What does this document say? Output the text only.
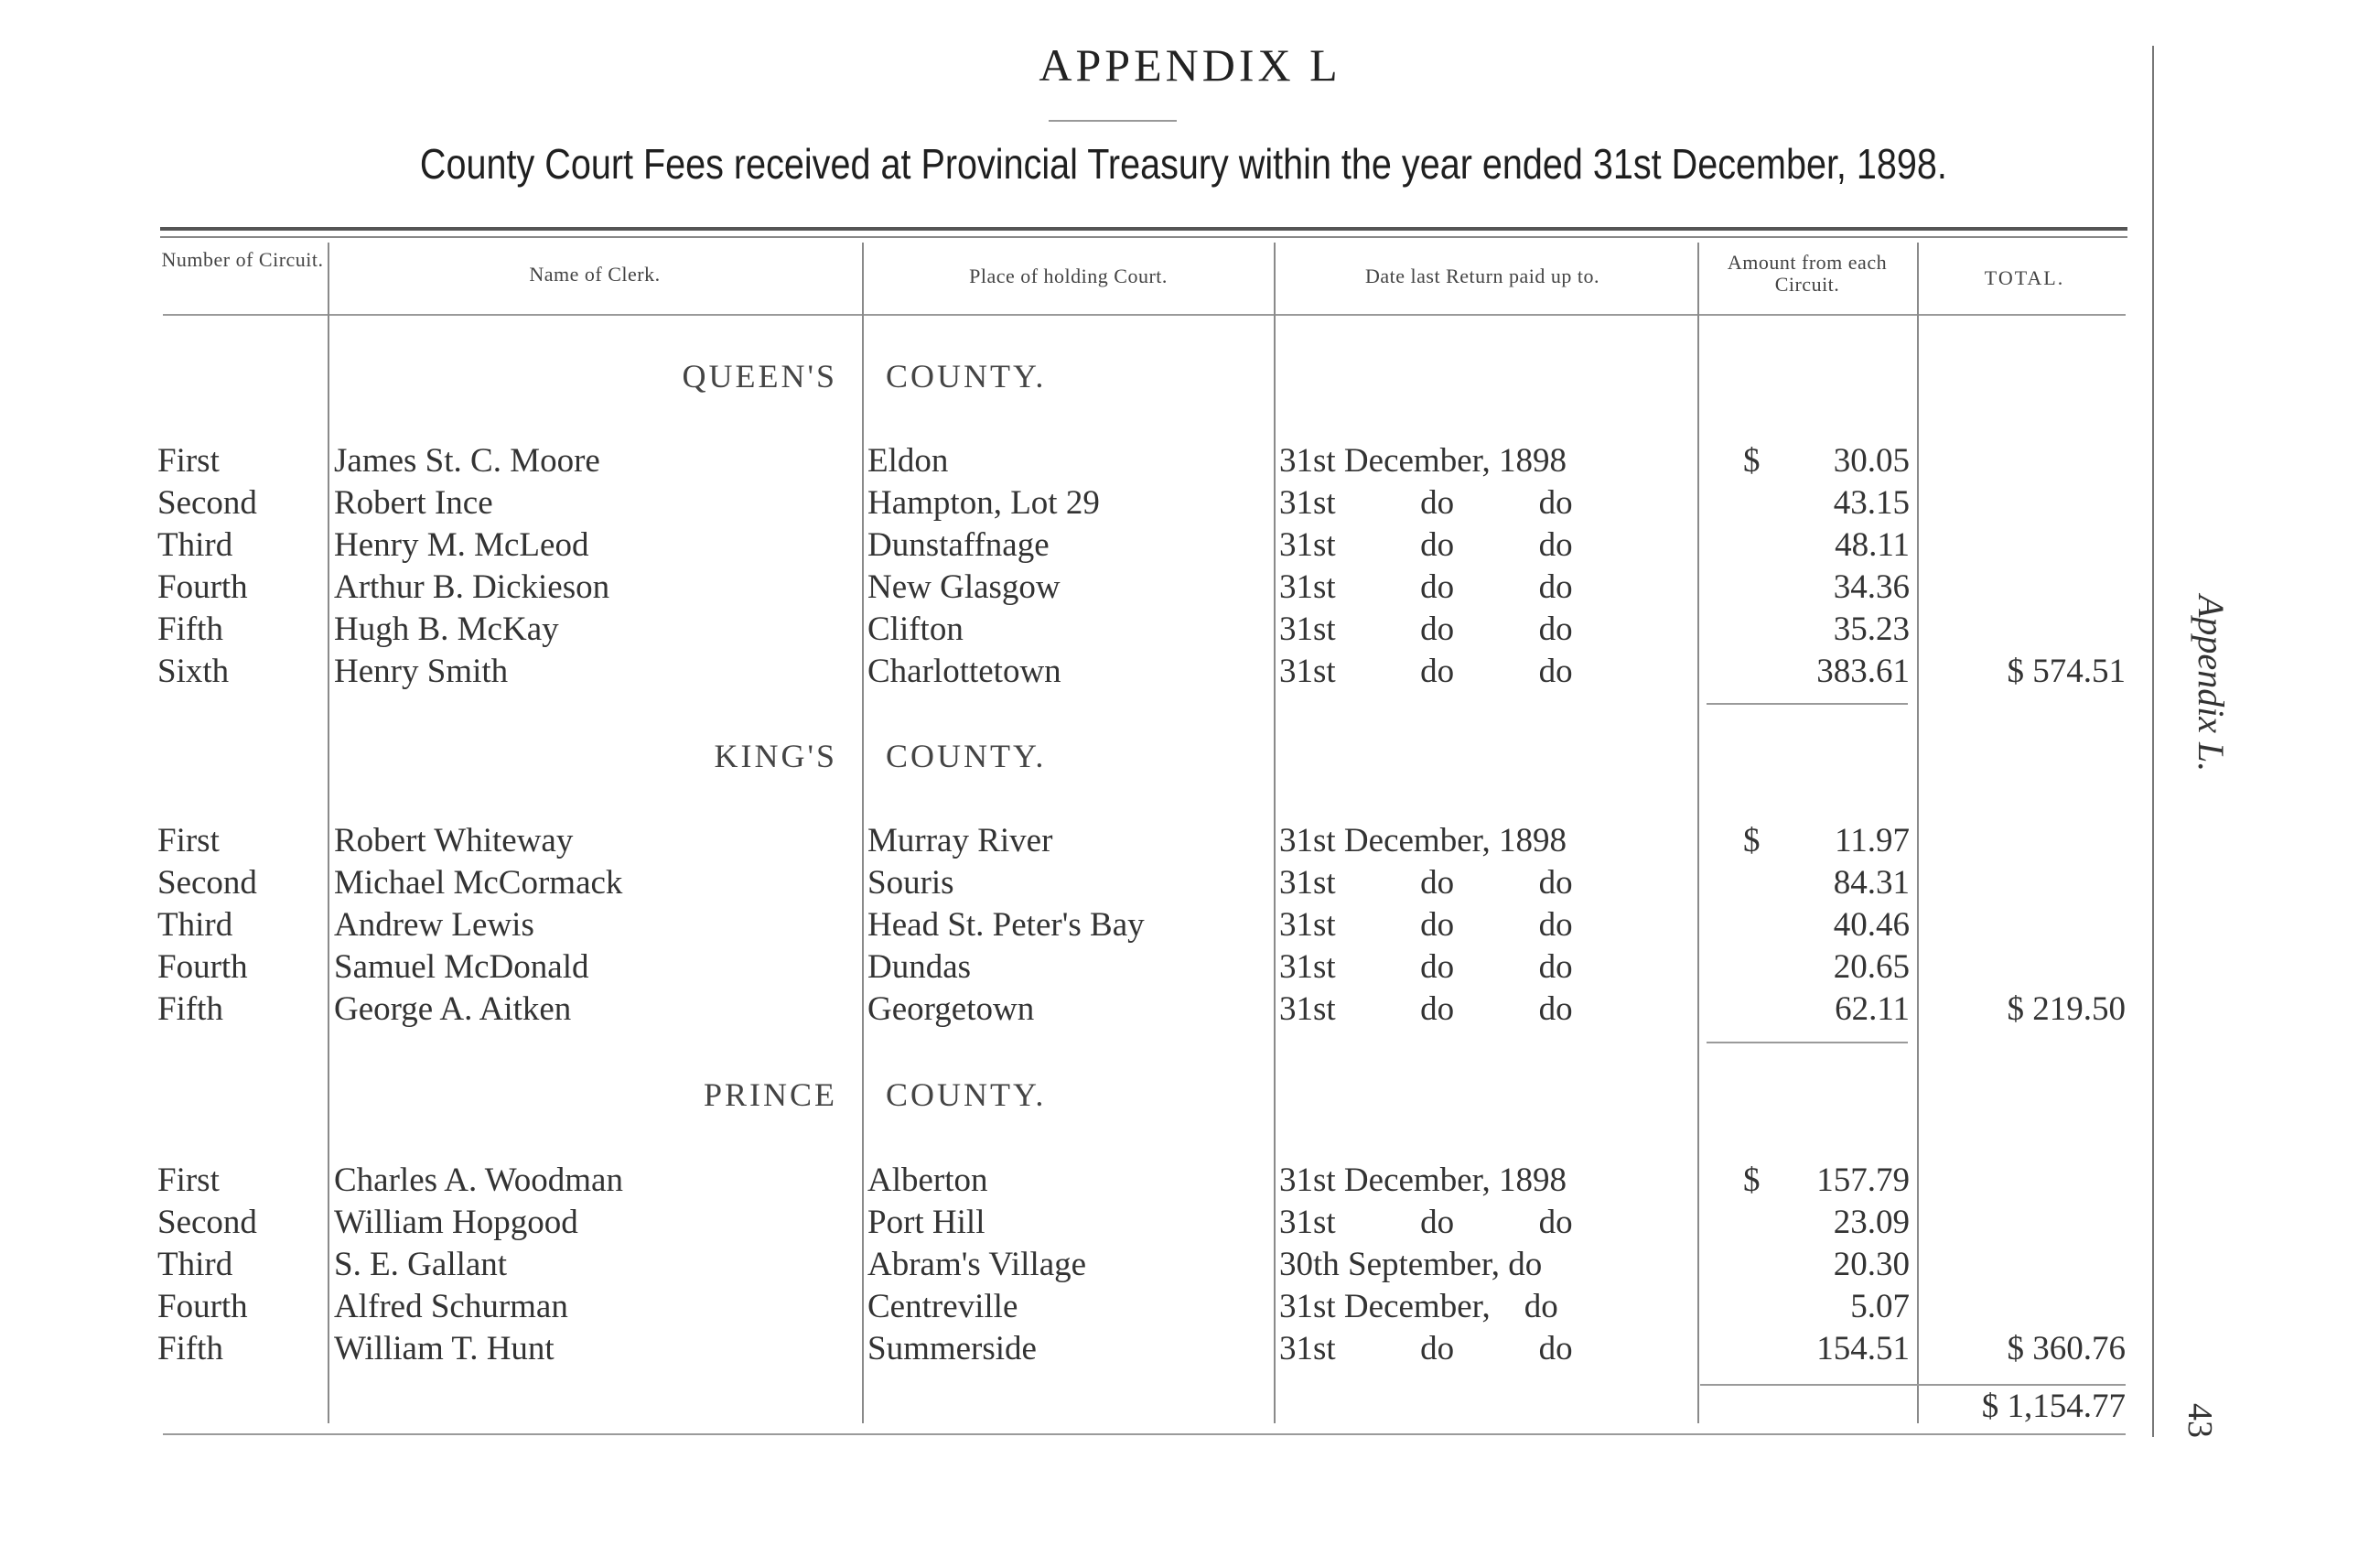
APPENDIX L
County Court Fees received at Provincial Treasury within the year ended 31st December, 1898.
Number of Circuit.
Name of Clerk.	Place of holding Court.	Date last Return paid up to.
Amount from each Circuit.	TOTAL.
QUEEN'S COUNTY.
First	James St. C. Moore	Eldon	31st December, 1898	$ 30.05
Second Robert Ince	Hampton, Lot 29	31st          do          do	43.15
Third	Henry M. McLeod	Dunstaffnage	31st          do          do	48.11
Fourth	Arthur B. Dickieson	New Glasgow	31st          do          do	34.36
Fifth	Hugh B. McKay	Clifton	31st          do          do	35.23
Sixth	Henry Smith	Charlottetown	31st          do          do	383.61	$ 574.51
KING'S COUNTY.
First	Robert Whiteway	Murray River	31st December, 1898	$ 11.97
Second Michael McCormack	Souris	31st          do          do	84.31
Third	Andrew Lewis	Head St. Peter's Bay	31st          do          do	40.46
Fourth	Samuel McDonald	Dundas	31st          do          do	20.65
Fifth	George A. Aitken	Georgetown	31st          do          do	62.11	$ 219.50
PRINCE COUNTY.
First	Charles A. Woodman	Alberton	31st December, 1898	$ 157.79
Second William Hopgood	Port Hill	31st          do          do	23.09
Third	S. E. Gallant	Abram's Village	30th September, do	20.30
Fourth	Alfred Schurman	Centreville	31st December,    do	5.07
Fifth	William T. Hunt	Summerside	31st          do          do	154.51	$ 360.76
$ 1,154.77
Appendix L.
43
